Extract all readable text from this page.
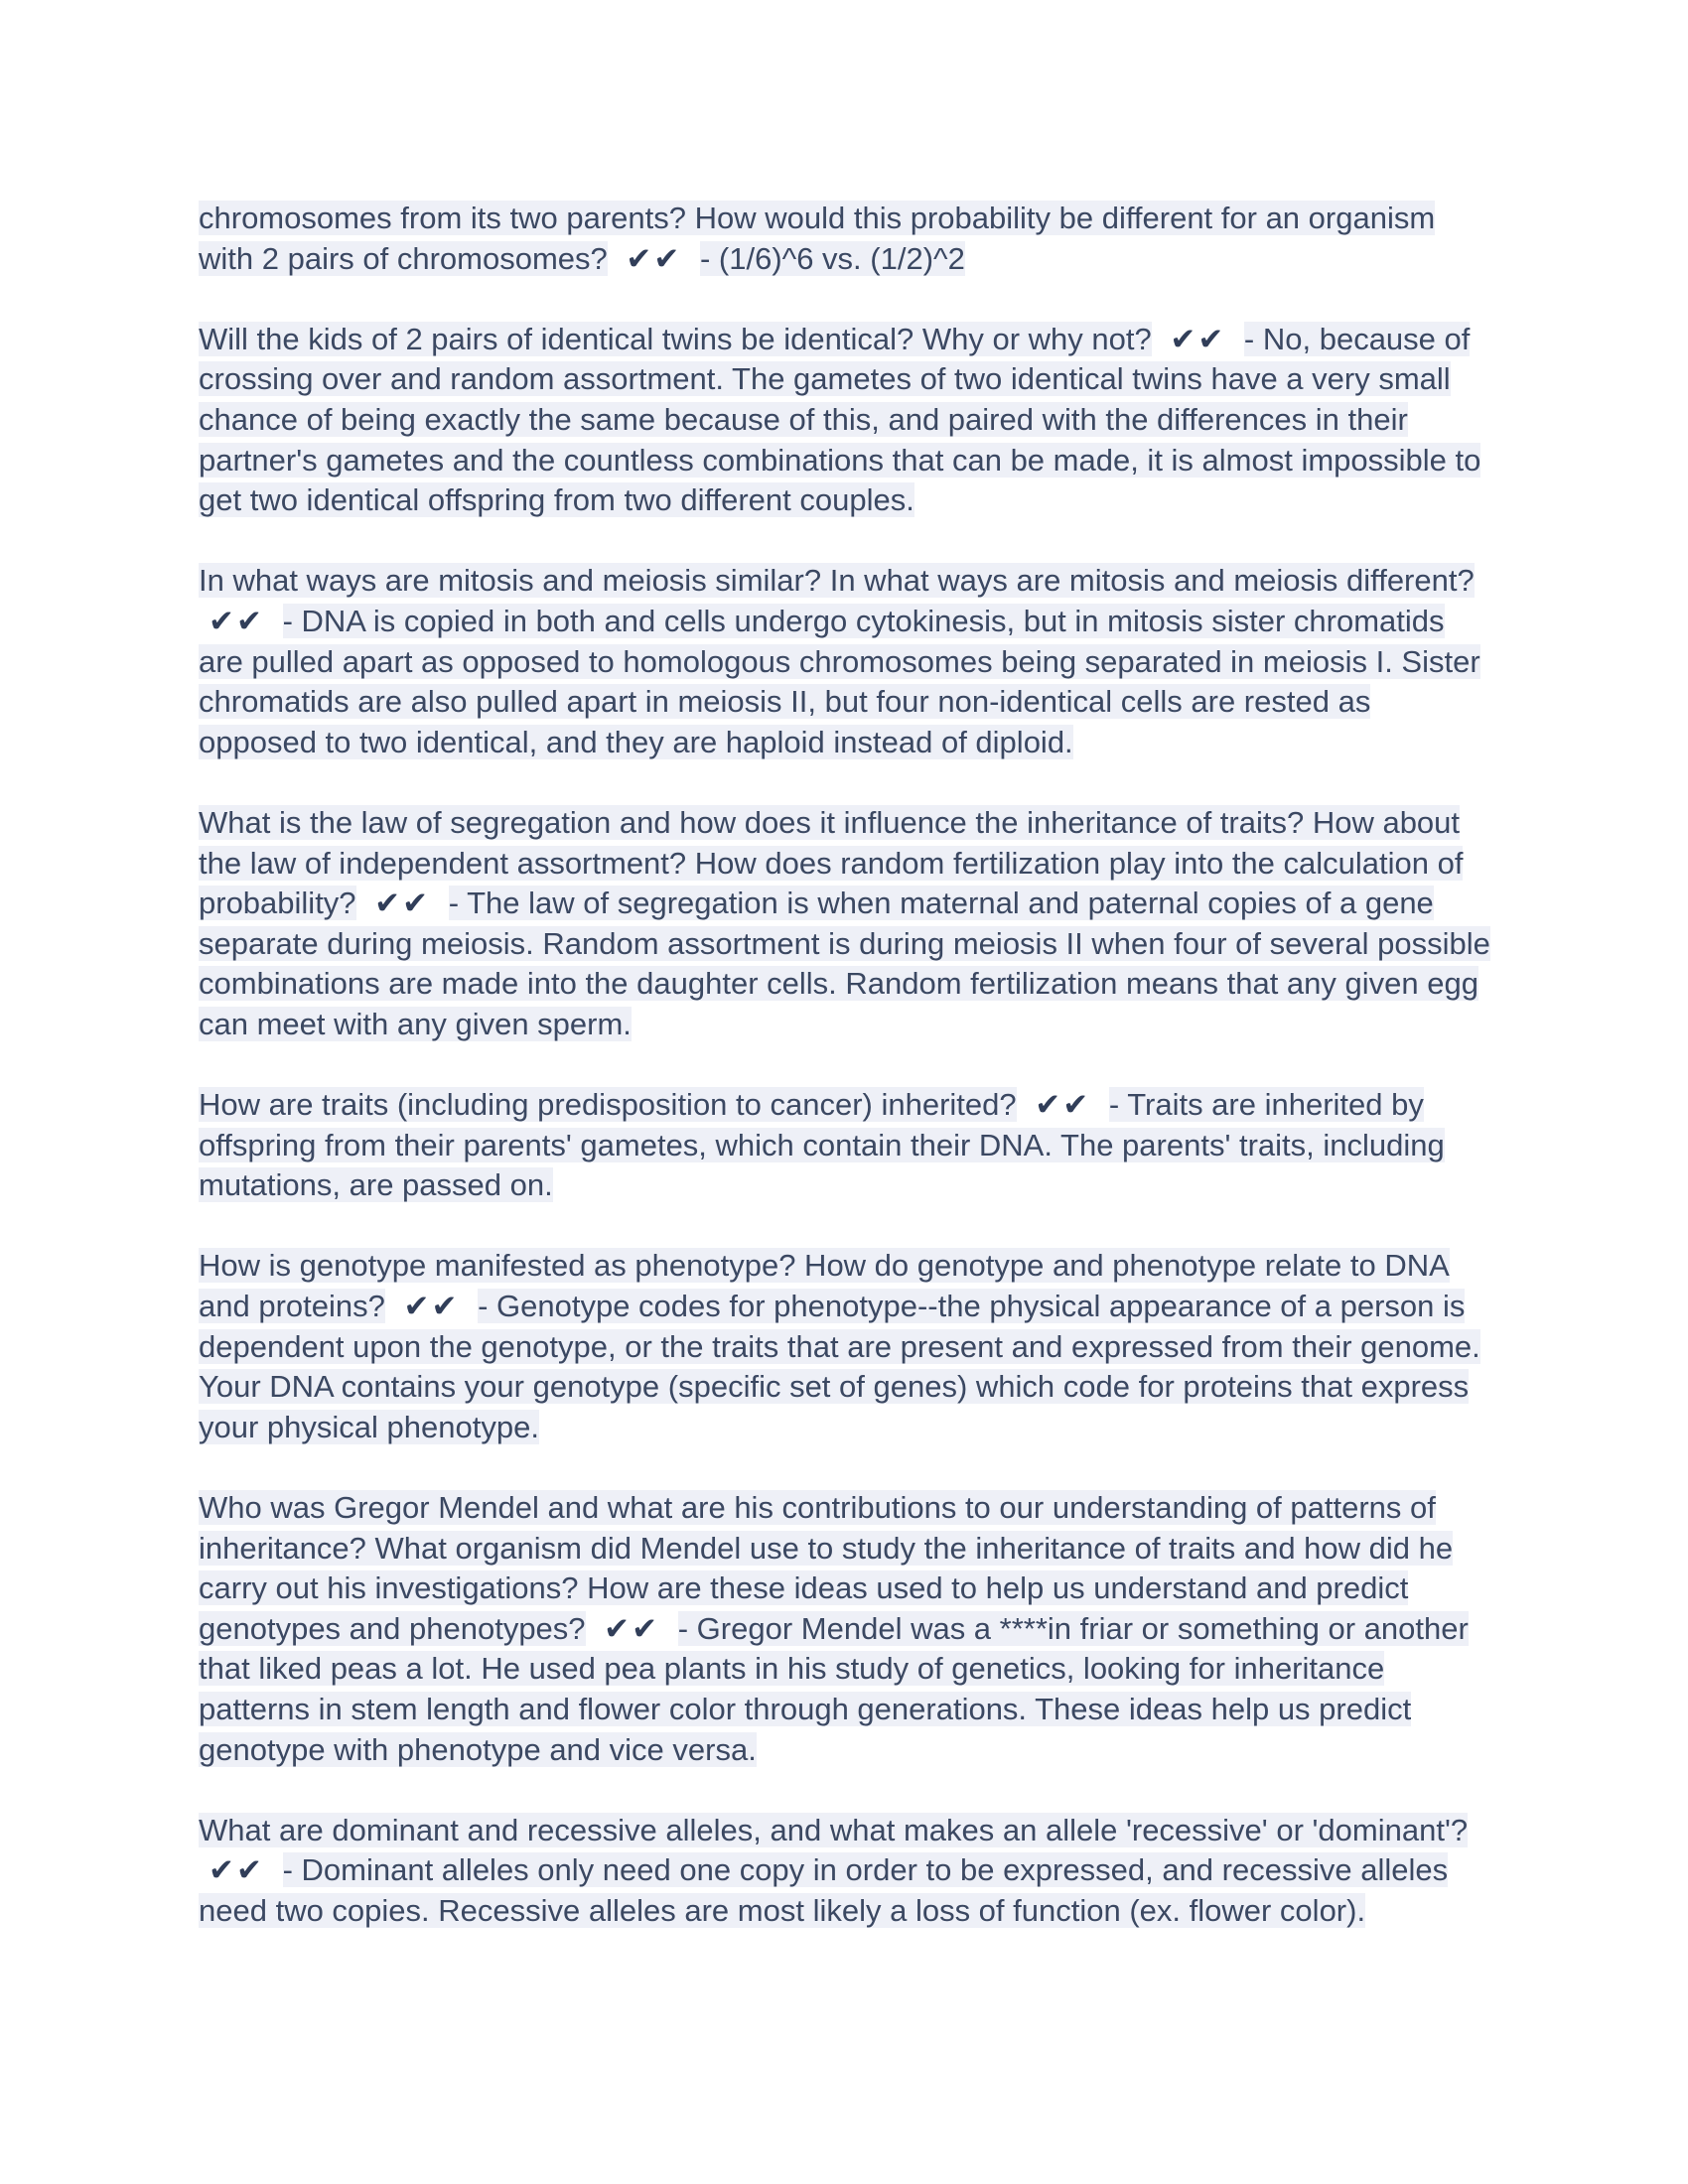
chromosomes from its two parents? How would this probability be different for an organism with 2 pairs of chromosomes? ✔✔ - (1/6)^6 vs. (1/2)^2

Will the kids of 2 pairs of identical twins be identical? Why or why not? ✔✔ - No, because of crossing over and random assortment. The gametes of two identical twins have a very small chance of being exactly the same because of this, and paired with the differences in their partner's gametes and the countless combinations that can be made, it is almost impossible to get two identical offspring from two different couples.

In what ways are mitosis and meiosis similar? In what ways are mitosis and meiosis different? ✔✔ - DNA is copied in both and cells undergo cytokinesis, but in mitosis sister chromatids are pulled apart as opposed to homologous chromosomes being separated in meiosis I. Sister chromatids are also pulled apart in meiosis II, but four non-identical cells are rested as opposed to two identical, and they are haploid instead of diploid.

What is the law of segregation and how does it influence the inheritance of traits? How about the law of independent assortment? How does random fertilization play into the calculation of probability? ✔✔ - The law of segregation is when maternal and paternal copies of a gene separate during meiosis. Random assortment is during meiosis II when four of several possible combinations are made into the daughter cells. Random fertilization means that any given egg can meet with any given sperm.

How are traits (including predisposition to cancer) inherited? ✔✔ - Traits are inherited by offspring from their parents' gametes, which contain their DNA. The parents' traits, including mutations, are passed on.

How is genotype manifested as phenotype? How do genotype and phenotype relate to DNA and proteins? ✔✔ - Genotype codes for phenotype--the physical appearance of a person is dependent upon the genotype, or the traits that are present and expressed from their genome. Your DNA contains your genotype (specific set of genes) which code for proteins that express your physical phenotype.

Who was Gregor Mendel and what are his contributions to our understanding of patterns of inheritance? What organism did Mendel use to study the inheritance of traits and how did he carry out his investigations? How are these ideas used to help us understand and predict genotypes and phenotypes? ✔✔ - Gregor Mendel was a ****in friar or something or another that liked peas a lot. He used pea plants in his study of genetics, looking for inheritance patterns in stem length and flower color through generations. These ideas help us predict genotype with phenotype and vice versa.

What are dominant and recessive alleles, and what makes an allele 'recessive' or 'dominant'? ✔✔ - Dominant alleles only need one copy in order to be expressed, and recessive alleles need two copies. Recessive alleles are most likely a loss of function (ex. flower color).
